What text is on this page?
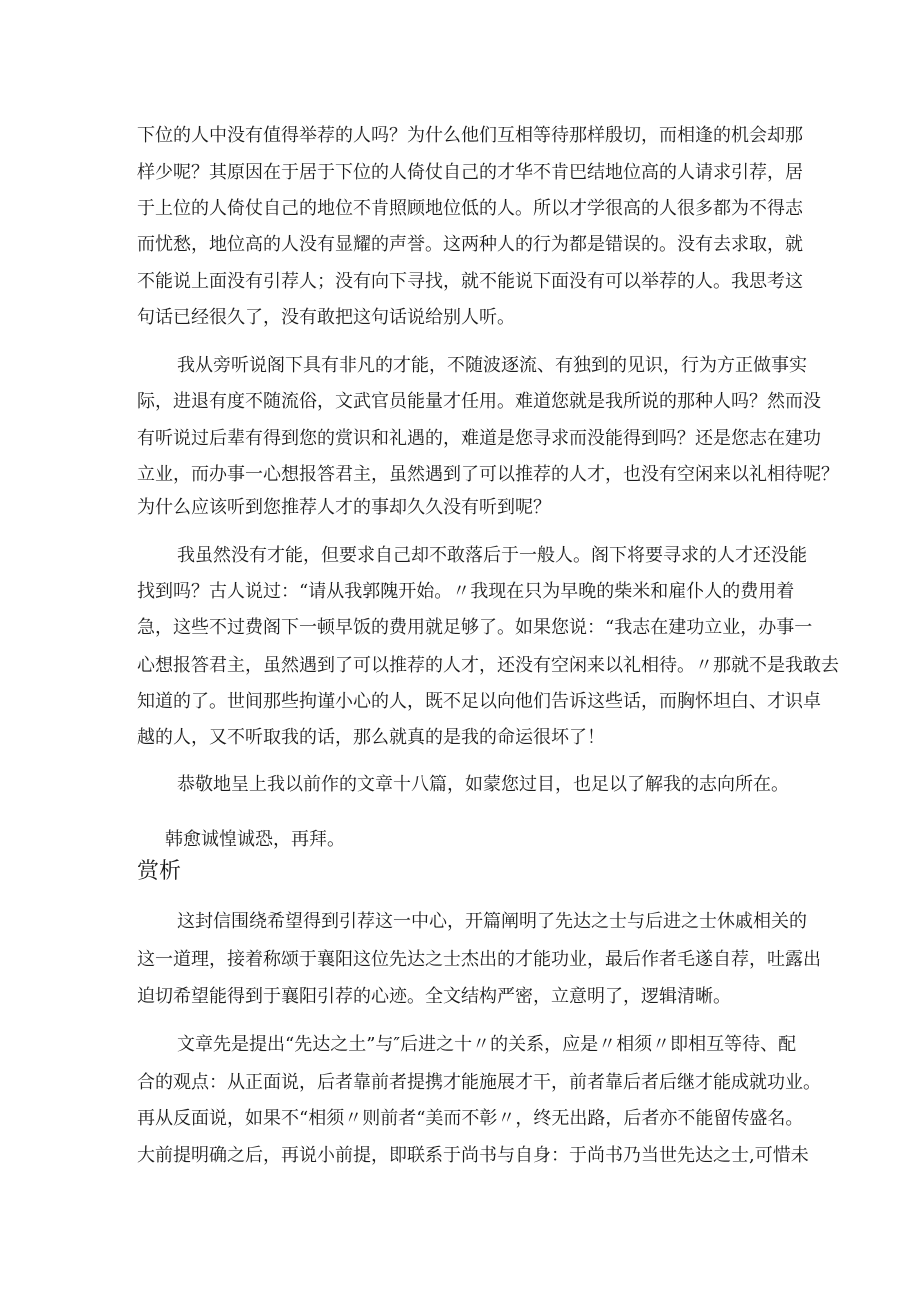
下位的人中没有值得举荐的人吗？为什么他们互相等待那样殷切，而相逢的机会却那
样少呢？其原因在于居于下位的人倚仗自己的才华不肯巴结地位高的人请求引荐，居
于上位的人倚仗自己的地位不肯照顾地位低的人。所以才学很高的人很多都为不得志
而忧愁，地位高的人没有显耀的声誉。这两种人的行为都是错误的。没有去求取，就
不能说上面没有引荐人；没有向下寻找，就不能说下面没有可以举荐的人。我思考这
句话已经很久了，没有敢把这句话说给别人听。
我从旁听说阁下具有非凡的才能，不随波逐流、有独到的见识，行为方正做事实
际，进退有度不随流俗，文武官员能量才任用。难道您就是我所说的那种人吗？然而没
有听说过后辈有得到您的赏识和礼遇的，难道是您寻求而没能得到吗？还是您志在建功
立业，而办事一心想报答君主，虽然遇到了可以推荐的人才，也没有空闲来以礼相待呢？
为什么应该听到您推荐人才的事却久久没有听到呢？
我虽然没有才能，但要求自己却不敢落后于一般人。阁下将要寻求的人才还没能
找到吗？古人说过：“请从我郭隗开始。〃我现在只为早晚的柴米和雇仆人的费用着
急，这些不过费阁下一顿早饭的费用就足够了。如果您说：“我志在建功立业，办事一
心想报答君主，虽然遇到了可以推荐的人才，还没有空闲来以礼相待。〃那就不是我敢去
知道的了。世间那些拘谨小心的人，既不足以向他们告诉这些话，而胸怀坦白、才识卓
越的人，又不听取我的话，那么就真的是我的命运很坏了！
恭敬地呈上我以前作的文章十八篇，如蒙您过目，也足以了解我的志向所在。
韩愈诚惶诚恐，再拜。
赏析
这封信围绕希望得到引荐这一中心，开篇阐明了先达之士与后进之士休戚相关的
这一道理，接着称颂于襄阳这位先达之士杰出的才能功业，最后作者毛遂自荐，吐露出
迫切希望能得到于襄阳引荐的心迹。全文结构严密，立意明了，逻辑清晰。
文章先是提出“先达之土”与″后进之十〃的关系，应是〃相须〃即相互等待、配
合的观点：从正面说，后者靠前者提携才能施展才干，前者靠后者后继才能成就功业。
再从反面说，如果不“相须〃则前者“美而不彰〃，终无出路，后者亦不能留传盛名。
大前提明确之后，再说小前提，即联系于尚书与自身：于尚书乃当世先达之士,可惜未
